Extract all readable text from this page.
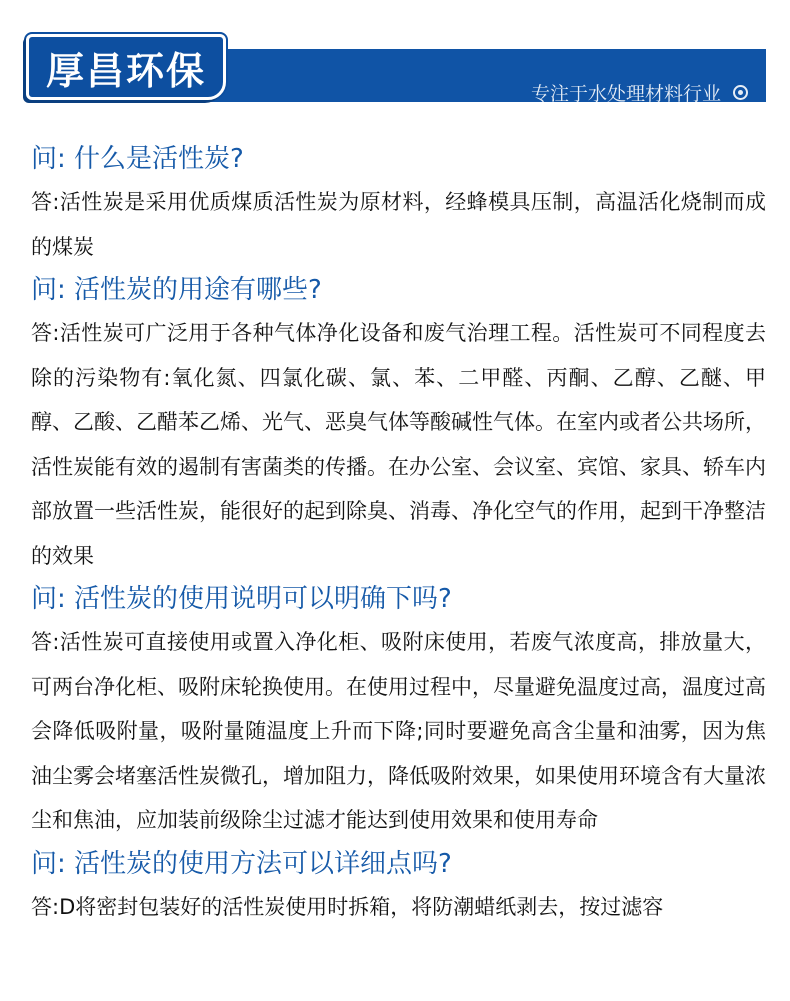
专注于水处理材料行业
厚昌环保

问: 什么是活性炭?

答:活性炭是采用优质煤质活性炭为原材料，经蜂模具压制，高温活化烧制而成的煤炭

问: 活性炭的用途有哪些?

答:活性炭可广泛用于各种气体净化设备和废气治理工程。活性炭可不同程度去除的污染物有:氧化氮、四氯化碳、氯、苯、二甲醛、丙酮、乙醇、乙醚、甲醇、乙酸、乙醋苯乙烯、光气、恶臭气体等酸碱性气体。在室内或者公共场所，活性炭能有效的遏制有害菌类的传播。在办公室、会议室、宾馆、家具、轿车内部放置一些活性炭，能很好的起到除臭、消毒、净化空气的作用，起到干净整洁的效果

问: 活性炭的使用说明可以明确下吗?

答:活性炭可直接使用或置入净化柜、吸附床使用，若废气浓度高，排放量大，可两台净化柜、吸附床轮换使用。在使用过程中，尽量避免温度过高，温度过高会降低吸附量，吸附量随温度上升而下降;同时要避免高含尘量和油雾，因为焦油尘雾会堵塞活性炭微孔，增加阻力，降低吸附效果，如果使用环境含有大量浓尘和焦油，应加装前级除尘过滤才能达到使用效果和使用寿命

问: 活性炭的使用方法可以详细点吗?

答:D将密封包装好的活性炭使用时拆箱，将防潮蜡纸剥去，按过滤容
